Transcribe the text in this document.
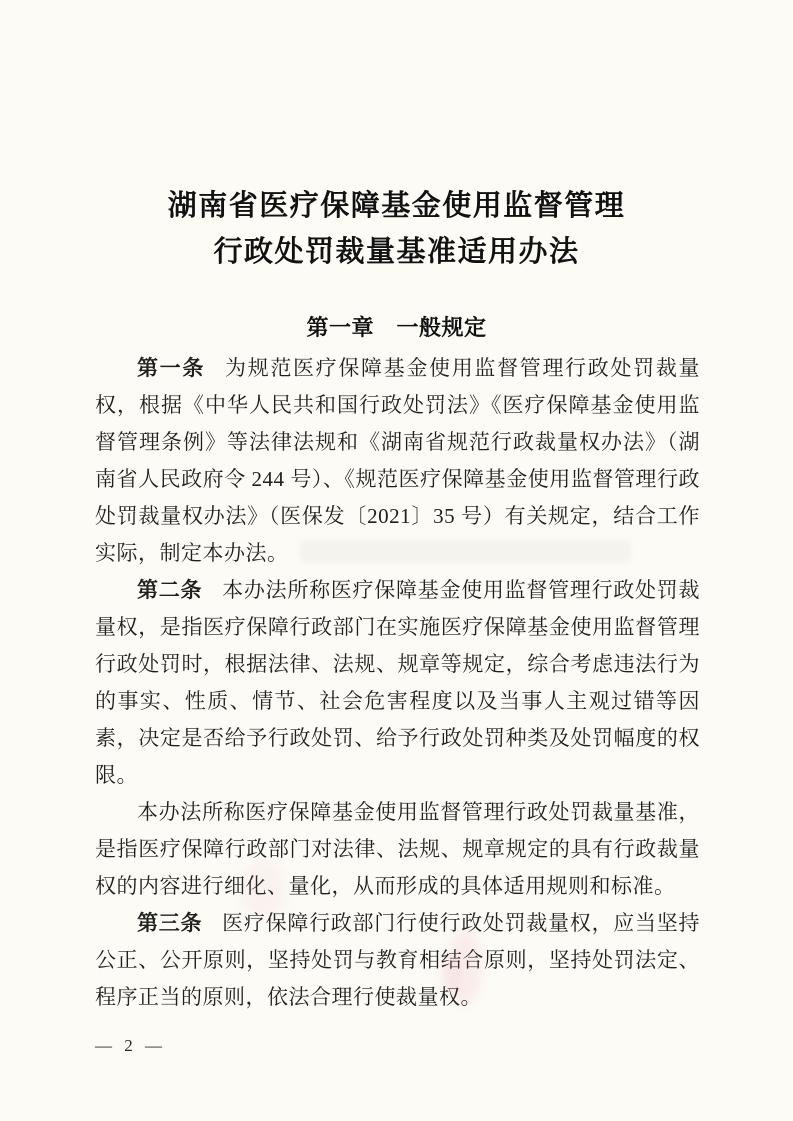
湖南省医疗保障基金使用监督管理
行政处罚裁量基准适用办法
第一章　一般规定

第一条 为规范医疗保障基金使用监督管理行政处罚裁量权，根据《中华人民共和国行政处罚法》《医疗保障基金使用监督管理条例》等法律法规和《湖南省规范行政裁量权办法》（湖南省人民政府令 244 号）、《规范医疗保障基金使用监督管理行政处罚裁量权办法》（医保发〔2021〕35 号）有关规定，结合工作实际，制定本办法。

第二条 本办法所称医疗保障基金使用监督管理行政处罚裁量权，是指医疗保障行政部门在实施医疗保障基金使用监督管理行政处罚时，根据法律、法规、规章等规定，综合考虑违法行为的事实、性质、情节、社会危害程度以及当事人主观过错等因素，决定是否给予行政处罚、给予行政处罚种类及处罚幅度的权限。

本办法所称医疗保障基金使用监督管理行政处罚裁量基准，是指医疗保障行政部门对法律、法规、规章规定的具有行政裁量权的内容进行细化、量化，从而形成的具体适用规则和标准。

第三条 医疗保障行政部门行使行政处罚裁量权，应当坚持公正、公开原则，坚持处罚与教育相结合原则，坚持处罚法定、程序正当的原则，依法合理行使裁量权。

— 2 —
